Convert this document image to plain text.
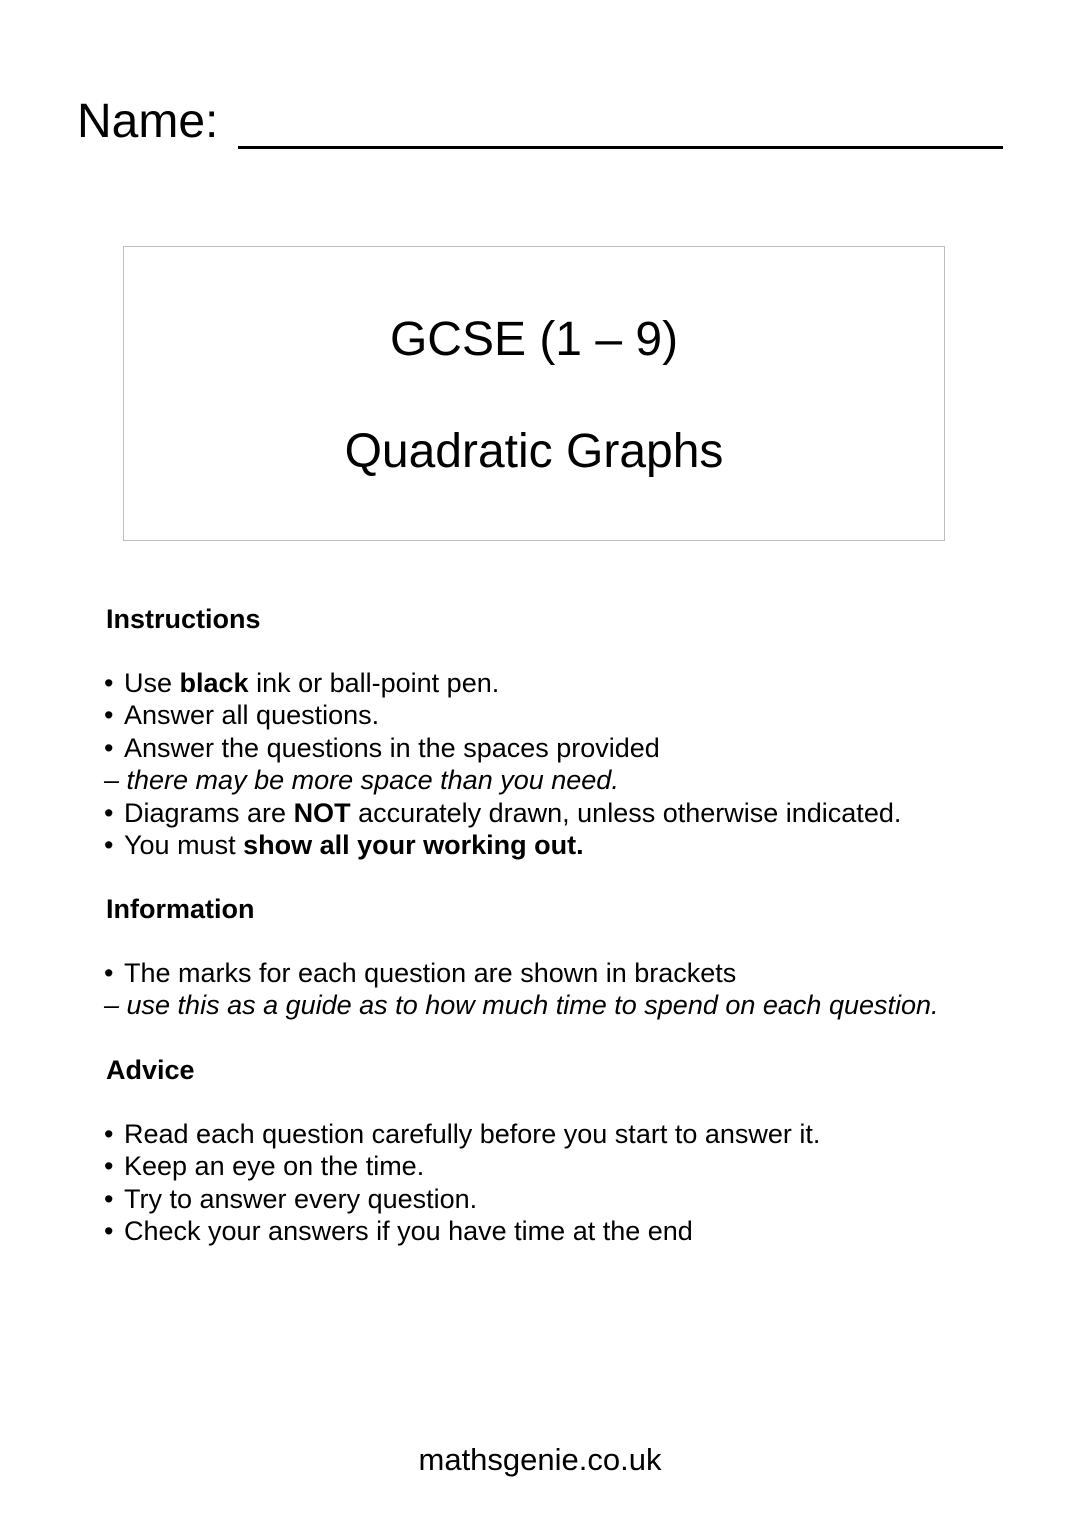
Name:
GCSE (1 – 9)
Quadratic Graphs
Instructions
• Use black ink or ball-point pen.
• Answer all questions.
• Answer the questions in the spaces provided
– there may be more space than you need.
• Diagrams are NOT accurately drawn, unless otherwise indicated.
• You must show all your working out.
Information
• The marks for each question are shown in brackets
– use this as a guide as to how much time to spend on each question.
Advice
• Read each question carefully before you start to answer it.
• Keep an eye on the time.
• Try to answer every question.
• Check your answers if you have time at the end
mathsgenie.co.uk
